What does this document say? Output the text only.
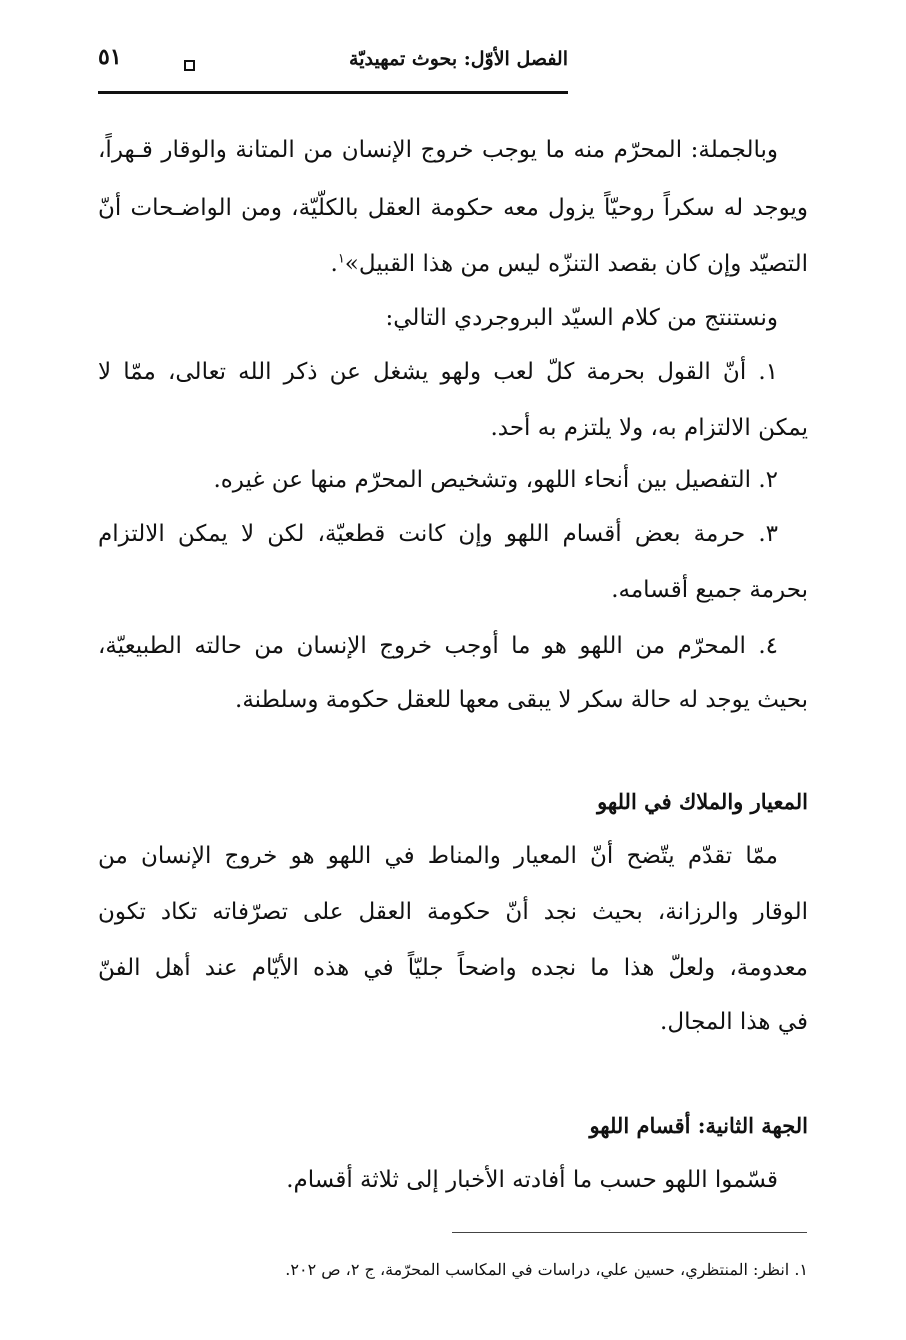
الفصل الأوّل: بحوث تمهيديّة
٥١
وبالجملة: المحرّم منه ما يوجب خروج الإنسان من المتانة والوقار قـهراً،
ويوجد له سكراً روحيّاً يزول معه حكومة العقل بالكلّيّة، ومن الواضـحات أنّ
التصيّد وإن كان بقصد التنزّه ليس من هذا القبيل»$^١$.
ونستنتج من كلام السيّد البروجردي التالي:
١. أنّ القول بحرمة كلّ لعب ولهو يشغل عن ذكر الله تعالى، ممّا لا
يمكن الالتزام به، ولا يلتزم به أحد.
٢. التفصيل بين أنحاء اللهو، وتشخيص المحرّم منها عن غيره.
٣. حرمة بعض أقسام اللهو وإن كانت قطعيّة، لكن لا يمكن الالتزام
بحرمة جميع أقسامه.
٤. المحرّم من اللهو هو ما أوجب خروج الإنسان من حالته الطبيعيّة،
بحيث يوجد له حالة سكر لا يبقى معها للعقل حكومة وسلطنة.
المعيار والملاك في اللهو
ممّا تقدّم يتّضح أنّ المعيار والمناط في اللهو هو خروج الإنسان من
الوقار والرزانة، بحيث نجد أنّ حكومة العقل على تصرّفاته تكاد تكون
معدومة، ولعلّ هذا ما نجده واضحاً جليّاً في هذه الأيّام عند أهل الفنّ
في هذا المجال.
الجهة الثانية: أقسام اللهو
قسّموا اللهو حسب ما أفادته الأخبار إلى ثلاثة أقسام.
١. انظر: المنتظري، حسين علي، دراسات في المكاسب المحرّمة، ج ٢، ص ٢٠٢.
